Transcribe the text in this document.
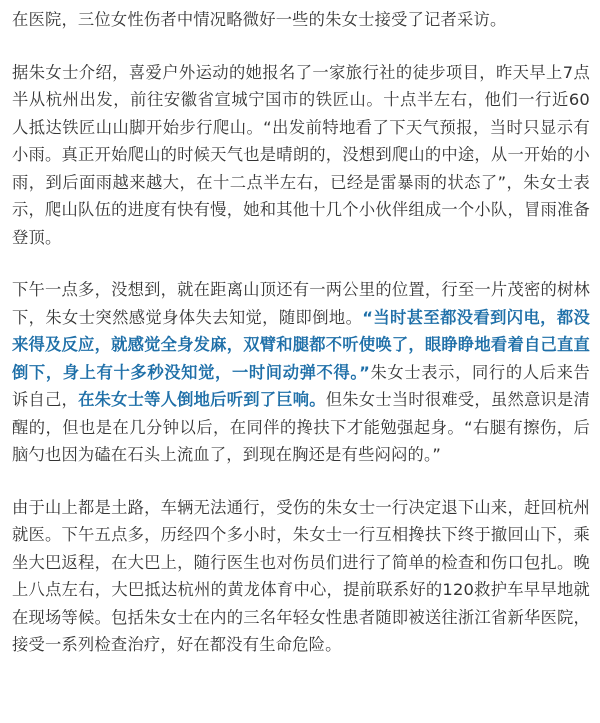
在医院，三位女性伤者中情况略微好一些的朱女士接受了记者采访。

据朱女士介绍，喜爱户外运动的她报名了一家旅行社的徒步项目，昨天早上7点半从杭州出发，前往安徽省宣城宁国市的铁匠山。十点半左右，他们一行近60人抵达铁匠山山脚开始步行爬山。“出发前特地看了下天气预报，当时只显示有小雨。真正开始爬山的时候天气也是晴朗的，没想到爬山的中途，从一开始的小雨，到后面雨越来越大，在十二点半左右，已经是雷暴雨的状态了”，朱女士表示，爬山队伍的进度有快有慢，她和其他十几个小伙伴组成一个小队，冒雨准备登顶。

下午一点多，没想到，就在距离山顶还有一两公里的位置，行至一片茂密的树林下，朱女士突然感觉身体失去知觉，随即倒地。“当时甚至都没看到闪电，都没来得及反应，就感觉全身发麻，双臂和腿都不听使唤了，眼睁睁地看着自己直直倒下，身上有十多秒没知觉，一时间动弹不得。”朱女士表示，同行的人后来告诉自己，在朱女士等人倒地后听到了巨响。但朱女士当时很难受，虽然意识是清醒的，但也是在几分钟以后，在同伴的搀扶下才能勉强起身。“右腿有擦伤，后脑勺也因为磕在石头上流血了，到现在胸还是有些闷闷的。”

由于山上都是土路，车辆无法通行，受伤的朱女士一行决定退下山来，赶回杭州就医。下午五点多，历经四个多小时，朱女士一行互相搀扶下终于撤回山下，乘坐大巴返程，在大巴上，随行医生也对伤员们进行了简单的检查和伤口包扎。晚上八点左右，大巴抵达杭州的黄龙体育中心，提前联系好的120救护车早早地就在现场等候。包括朱女士在内的三名年轻女性患者随即被送往浙江省新华医院，接受一系列检查治疗，好在都没有生命危险。
